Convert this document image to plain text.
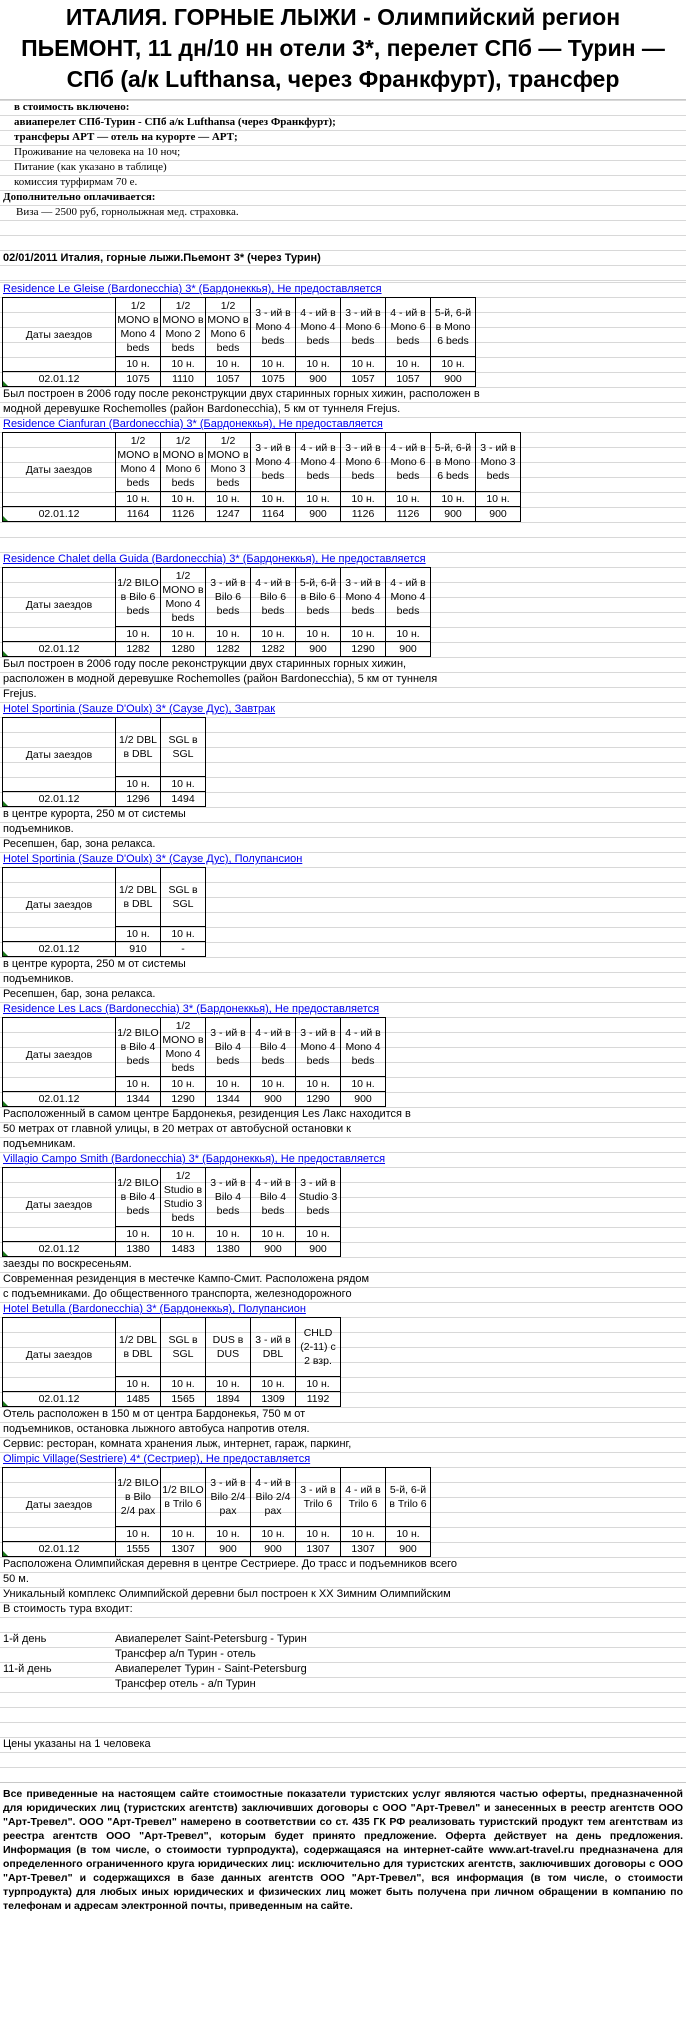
ИТАЛИЯ. ГОРНЫЕ ЛЫЖИ - Олимпийский регион ПЬЕМОНТ, 11 дн/10 нн отели 3*, перелет СПб — Турин — СПб (а/к Lufthansa, через Франкфурт), трансфер
в стоимость включено:
авиаперелет СПб-Турин - СПб а/к Lufthansa (через Франкфурт);
трансферы АРТ — отель на курорте — АРТ;
Проживание на человека на 10 ноч;
Питание (как указано в таблице)
комиссия турфирмам 70 е.
Дополнительно оплачивается:
Виза — 2500 руб, горнолыжная мед. страховка.
02/01/2011 Италия, горные лыжи.Пьемонт 3* (через Турин)
Residence Le Gleise (Bardonecchia) 3* (Бардонеккья), Не предоставляется
Даты заездов	1/2 MONO в Mono 4 beds	1/2 MONO в Mono 2 beds	1/2 MONO в Mono 6 beds	3 - ий в Mono 4 beds	4 - ий в Mono 4 beds	3 - ий в Mono 6 beds	4 - ий в Mono 6 beds	5-й, 6-й в Mono 6 beds
	10 н.	10 н.	10 н.	10 н.	10 н.	10 н.	10 н.	10 н.
02.01.12	1075	1110	1057	1075	900	1057	1057	900
Был построен в 2006 году после реконструкции двух старинных горных хижин, расположен в
модной деревушке Rochemolles (район Bardonecchia), 5 км от туннеля Frejus.
Residence Cianfuran (Bardonecchia) 3* (Бардонеккья), Не предоставляется
Даты заездов	1/2 MONO в Mono 4 beds	1/2 MONO в Mono 6 beds	1/2 MONO в Mono 3 beds	3 - ий в Mono 4 beds	4 - ий в Mono 4 beds	3 - ий в Mono 6 beds	4 - ий в Mono 6 beds	5-й, 6-й в Mono 6 beds	3 - ий в Mono 3 beds
	10 н.	10 н.	10 н.	10 н.	10 н.	10 н.	10 н.	10 н.	10 н.
02.01.12	1164	1126	1247	1164	900	1126	1126	900	900
Residence Chalet della Guida (Bardonecchia) 3* (Бардонеккья), Не предоставляется
Даты заездов	1/2 BILO в Bilo 6 beds	1/2 MONO в Mono 4 beds	3 - ий в Bilo 6 beds	4 - ий в Bilo 6 beds	5-й, 6-й в Bilo 6 beds	3 - ий в Mono 4 beds	4 - ий в Mono 4 beds
	10 н.	10 н.	10 н.	10 н.	10 н.	10 н.	10 н.
02.01.12	1282	1280	1282	1282	900	1290	900
Был построен в 2006 году после реконструкции двух старинных горных хижин,
расположен в модной деревушке Rochemolles (район Bardonecchia), 5 км от туннеля
Frejus.
Hotel Sportinia (Sauze D'Oulx) 3* (Саузе Дус), Завтрак
Даты заездов	1/2 DBL в DBL	SGL в SGL
	10 н.	10 н.
02.01.12	1296	1494
в центре курорта, 250 м от системы
подъемников.
Ресепшен, бар, зона релакса.
Hotel Sportinia (Sauze D'Oulx) 3* (Саузе Дус), Полупансион
Даты заездов	1/2 DBL в DBL	SGL в SGL
	10 н.	10 н.
02.01.12	910	-
в центре курорта, 250 м от системы
подъемников.
Ресепшен, бар, зона релакса.
Residence Les Lacs (Bardonecchia) 3* (Бардонеккья), Не предоставляется
Даты заездов	1/2 BILO в Bilo 4 beds	1/2 MONO в Mono 4 beds	3 - ий в Bilo 4 beds	4 - ий в Bilo 4 beds	3 - ий в Mono 4 beds	4 - ий в Mono 4 beds
	10 н.	10 н.	10 н.	10 н.	10 н.	10 н.
02.01.12	1344	1290	1344	900	1290	900
Расположенный в самом центре Бардонекья, резиденция Les Лакс находится в
50 метрах от главной улицы, в 20 метрах от автобусной остановки к
подъемникам.
Villagio Campo Smith (Bardonecchia) 3* (Бардонеккья), Не предоставляется
Даты заездов	1/2 BILO в Bilo 4 beds	1/2 Studio в Studio 3 beds	3 - ий в Bilo 4 beds	4 - ий в Bilo 4 beds	3 - ий в Studio 3 beds
	10 н.	10 н.	10 н.	10 н.	10 н.
02.01.12	1380	1483	1380	900	900
заезды по воскресеньям.
Современная резиденция в местечке Кампо-Смит. Расположена рядом
с подъемниками. До общественного транспорта, железнодорожного
Hotel Betulla (Bardonecchia) 3* (Бардонеккья), Полупансион
Даты заездов	1/2 DBL в DBL	SGL в SGL	DUS в DUS	3 - ий в DBL	CHLD (2-11) с 2 взр.
	10 н.	10 н.	10 н.	10 н.	10 н.
02.01.12	1485	1565	1894	1309	1192
Отель расположен в 150 м от центра Бардонекья, 750 м от
подъемников, остановка лыжного автобуса напротив отеля.
Сервис: ресторан, комната хранения лыж, интернет, гараж, паркинг,
Olimpic Village(Sestriere) 4* (Сестриер), Не предоставляется
Даты заездов	1/2 BILO в Bilo 2/4 pax	1/2 BILO в Trilo 6	3 - ий в Bilo 2/4 pax	4 - ий в Bilo 2/4 pax	3 - ий в Trilo 6	4 - ий в Trilo 6	5-й, 6-й в Trilo 6
	10 н.	10 н.	10 н.	10 н.	10 н.	10 н.	10 н.
02.01.12	1555	1307	900	900	1307	1307	900
Расположена Олимпийская деревня в центре Сестриере. До трасс и подъемников всего
50 м.
Уникальный комплекс Олимпийской деревни был построен к XX Зимним Олимпийским
В стоимость тура входит:
1-й день	Авиаперелет Saint-Petersburg - Турин
Трансфер а/п Турин - отель
11-й день	Авиаперелет Турин - Saint-Petersburg
Трансфер отель - а/п Турин
Цены указаны на 1 человека
Все приведенные на настоящем сайте стоимостные показатели туристских услуг являются частью оферты, предназначенной для юридических лиц (туристских агентств) заключивших договоры с ООО "Арт-Тревел" и занесенных в реестр агентств ООО "Арт-Тревел". ООО "Арт-Тревел" намерено в соответствии со ст. 435 ГК РФ реализовать туристский продукт тем агентствам из реестра агентств ООО "Арт-Тревел", которым будет принято предложение. Оферта действует на день предложения. Информация (в том числе, о стоимости турпродукта), содержащаяся на интернет-сайте www.art-travel.ru предназначена для определенного ограниченного круга юридических лиц: исключительно для туристских агентств, заключивших договоры с ООО "Арт-Тревел" и содержащихся в базе данных агентств ООО "Арт-Тревел", вся информация (в том числе, о стоимости турпродукта) для любых иных юридических и физических лиц может быть получена при личном обращении в компанию по телефонам и адресам электронной почты, приведенным на сайте.
